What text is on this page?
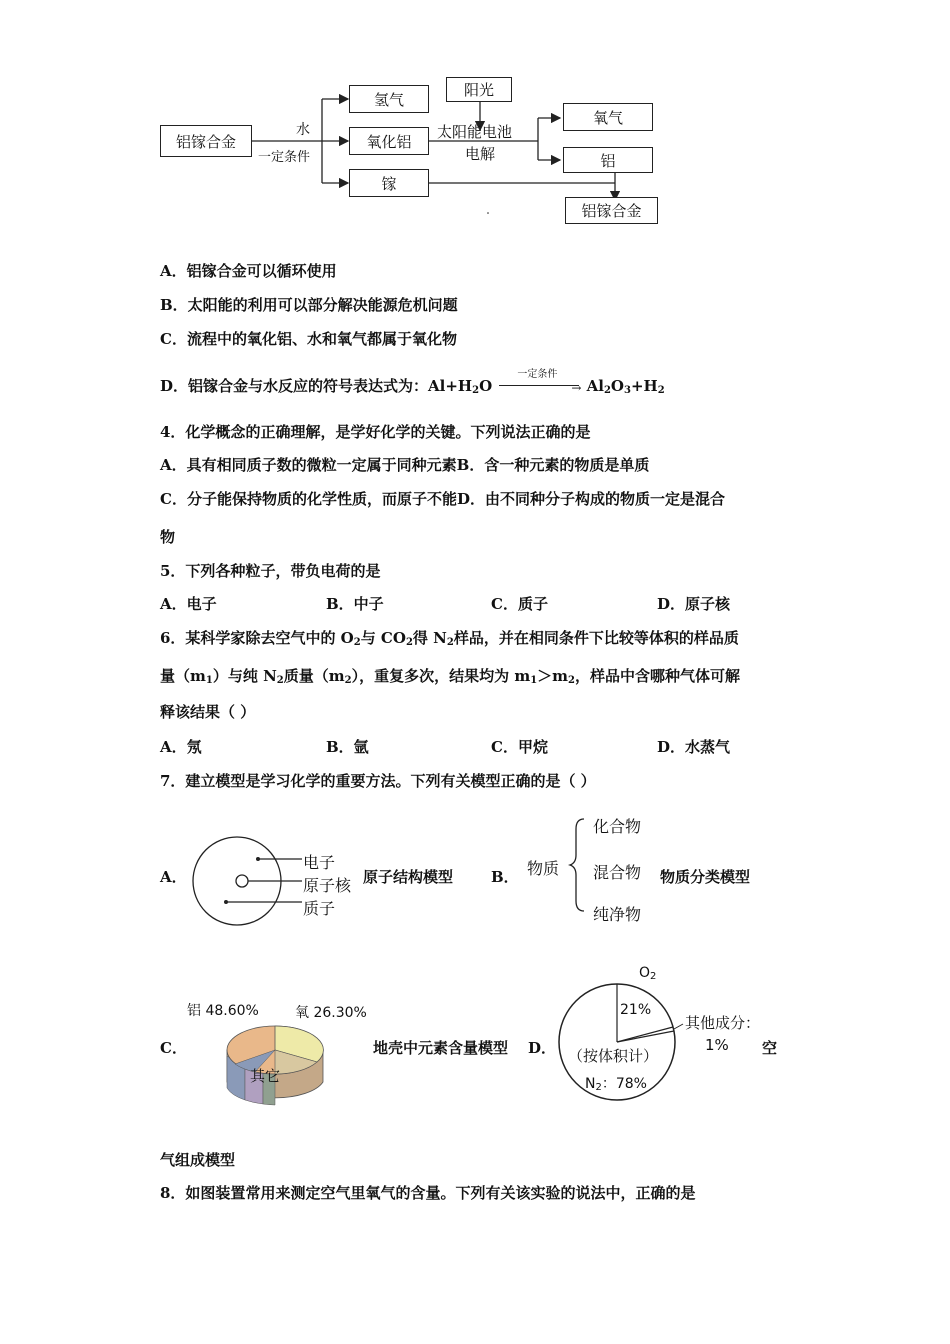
铝镓合金
水
一定条件
氢气
氧化铝
镓
阳光
太阳能电池
电解
氧气
铝
铝镓合金
A．铝镓合金可以循环使用
B．太阳能的利用可以部分解决能源危机问题
C．流程中的氧化铝、水和氧气都属于氧化物
D．铝镓合金与水反应的符号表达式为：$Al+H_2O$
一定条件
→ $Al_2O_3+H_2$
4．化学概念的正确理解，是学好化学的关键。下列说法正确的是
A．具有相同质子数的微粒一定属于同种元素B．含一种元素的物质是单质
C．分子能保持物质的化学性质，而原子不能D．由不同种分子构成的物质一定是混合
物
5．下列各种粒子，带负电荷的是
A．电子	B．中子	C．质子	D．原子核
6．某科学家除去空气中的 $O_2$与 $CO_2$得 $N_2$样品，并在相同条件下比较等体积的样品质
量$(m_1)$与纯 $N_2$质量$(m_2)$，重复多次，结果均为 $m_1>m_2$，样品中含哪种气体可解
释该结果（ ）
A．氖	B．氩	C．甲烷	D．水蒸气
7．建立模型是学习化学的重要方法。下列有关模型正确的是（ ）
A．
电子
原子核
质子
原子结构模型	B． 物质
化合物
混合物
纯净物
物质分类模型
C．
铝 48.60%	氧 26.30%
其它
地壳中元素含量模型 D．
$O_2$
21%
其他成分：
1%
（按体积计）
$N_2$：78%
空
气组成模型
8．如图装置常用来测定空气里氧气的含量。下列有关该实验的说法中，正确的是
